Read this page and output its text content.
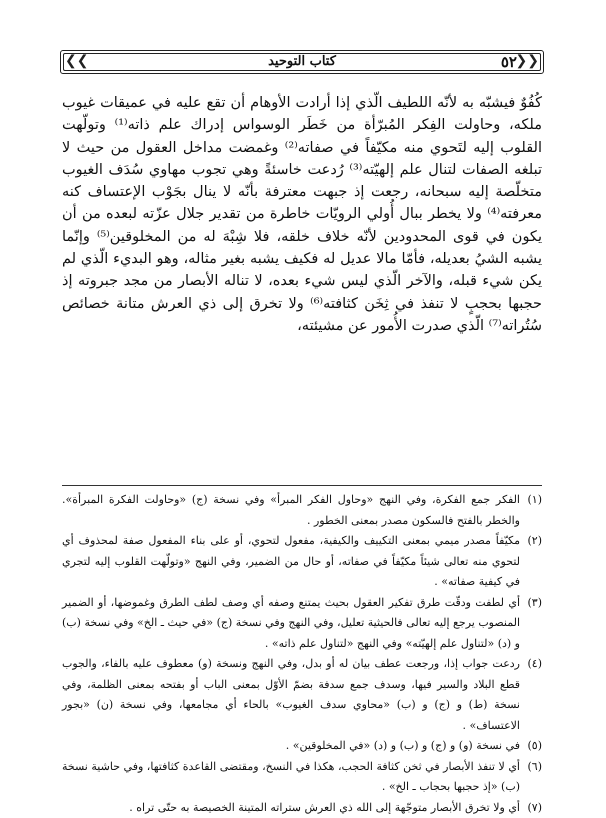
❮❮	❯❯
كتاب التوحيد	٥٢

كُفُوٌ فيشبّه به لأنّه اللطيف الّذي إذا أرادت الأوهام أن تقع عليه في عميقات غيوب ملكه، وحاولت الفِكر المُبرّأة من خَطَر الوسواس إدراك علم ذاته⁽¹⁾ وتولّهت القلوب إليه لتَحوي منه مكيّفاً في صفاته⁽²⁾ وغمضت مداخل العقول من حيث لا تبلغه الصفات لتنال علم إلهيّته⁽³⁾ رُدعت خاسئةً وهي تجوب مهاوي سُدَف الغيوب متخلّصة إليه سبحانه، رجعت إذ جبهت معترفة بأنّه لا ينال بجَوْب الإعتساف كنه معرفته⁽⁴⁾ ولا يخطر ببال أُولي الرويّات خاطرة من تقدير جلال عزّته لبعده من أن يكون في قوى المحدودين لأنّه خلاف خلقه، فلا شِبْهَ له من المخلوقين⁽⁵⁾ وإنّما يشبه الشيُ بعديله، فأمّا مالا عديل له فكيف يشبه بغير مثاله، وهو البديء الّذي لم يكن شيء قبله، والآخر الّذي ليس شيء بعده، لا تناله الأبصار من مجد جبروته إذ حجبها بحجبٍ لا تنفذ في ثِخَن كثافته⁽⁶⁾ ولا تخرق إلى ذي العرش متانة خصائص سُتُراته⁽⁷⁾ الّذي صدرت الأُمور عن مشيئته،

(١)
الفكر جمع الفكرة، وفي النهج «وحاول الفكر المبرأ» وفي نسخة (ج) «وحاولت الفكرة المبرأة». والخطر بالفتح فالسكون مصدر بمعنى الخطور .

(٢)
مكيّفاً مصدر ميمي بمعنى التكييف والكيفية، مفعول لتحوي، أو على بناء المفعول صفة لمحذوف أي لتحوي منه تعالى شيئاً مكيّفاً في صفاته، أو حال من الضمير، وفي النهج «وتولّهت القلوب إليه لتجري في كيفية صفاته» .

(٣)
أي لطفت ودقّت طرق تفكير العقول بحيث يمتنع وصفه أي وصف لطف الطرق وغموضها، أو الضمير المنصوب يرجع إليه تعالى فالحيثية تعليل، وفي النهج وفي نسخة (ج) «في حيث ـ الخ» وفي نسخة (ب) و (د) «لتناول علم إلهيّته» وفي النهج «لتناول علم ذاته» .

(٤)
ردعت جواب إذا، ورجعت عطف بيان له أو بدل، وفي النهج ونسخة (و) معطوف عليه بالفاء، والجوب قطع البلاد والسير فيها، وسدف جمع سدفة بضمّ الأوّل بمعنى الباب أو بفتحه بمعنى الظلمة، وفي نسخة (ط) و (ج) و (ب) «محاوي سدف الغيوب» بالحاء أي مجامعها، وفي نسخة (ن) «بجور الاعتساف» .

(٥)
في نسخة (و) و (ج) و (ب) و (د) «في المخلوقين» .

(٦)
أي لا تنفذ الأبصار في ثخن كثافة الحجب، هكذا في النسخ، ومقتضى القاعدة كثافتها، وفي حاشية نسخة (ب) «إذ حجبها بحجاب ـ الخ» .

(٧)
أي ولا تخرق الأبصار متوجّهة إلى الله ذي العرش ستراته المتينة الخصيصة به حتّى تراه .
